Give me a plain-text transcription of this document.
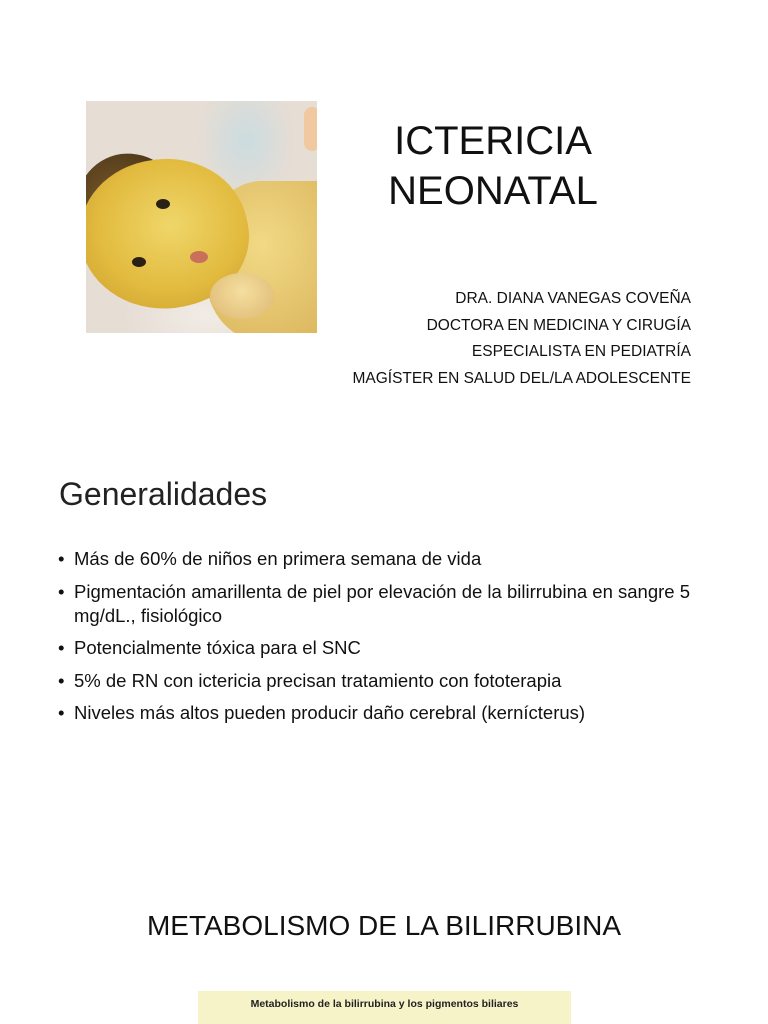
ICTERICIA
NEONATAL
DRA. DIANA VANEGAS COVEÑA
DOCTORA EN MEDICINA Y CIRUGÍA
ESPECIALISTA EN PEDIATRÍA
MAGÍSTER EN SALUD DEL/LA ADOLESCENTE
Generalidades
• Más de 60% de niños en primera semana de vida
• Pigmentación amarillenta de piel por elevación de la bilirrubina en sangre 5 mg/dL., fisiológico
• Potencialmente tóxica para el SNC
• 5% de RN con ictericia precisan tratamiento con fototerapia
• Niveles más altos pueden producir daño cerebral (kernícterus)
METABOLISMO DE LA BILIRRUBINA
Metabolismo de la bilirrubina y los pigmentos biliares
